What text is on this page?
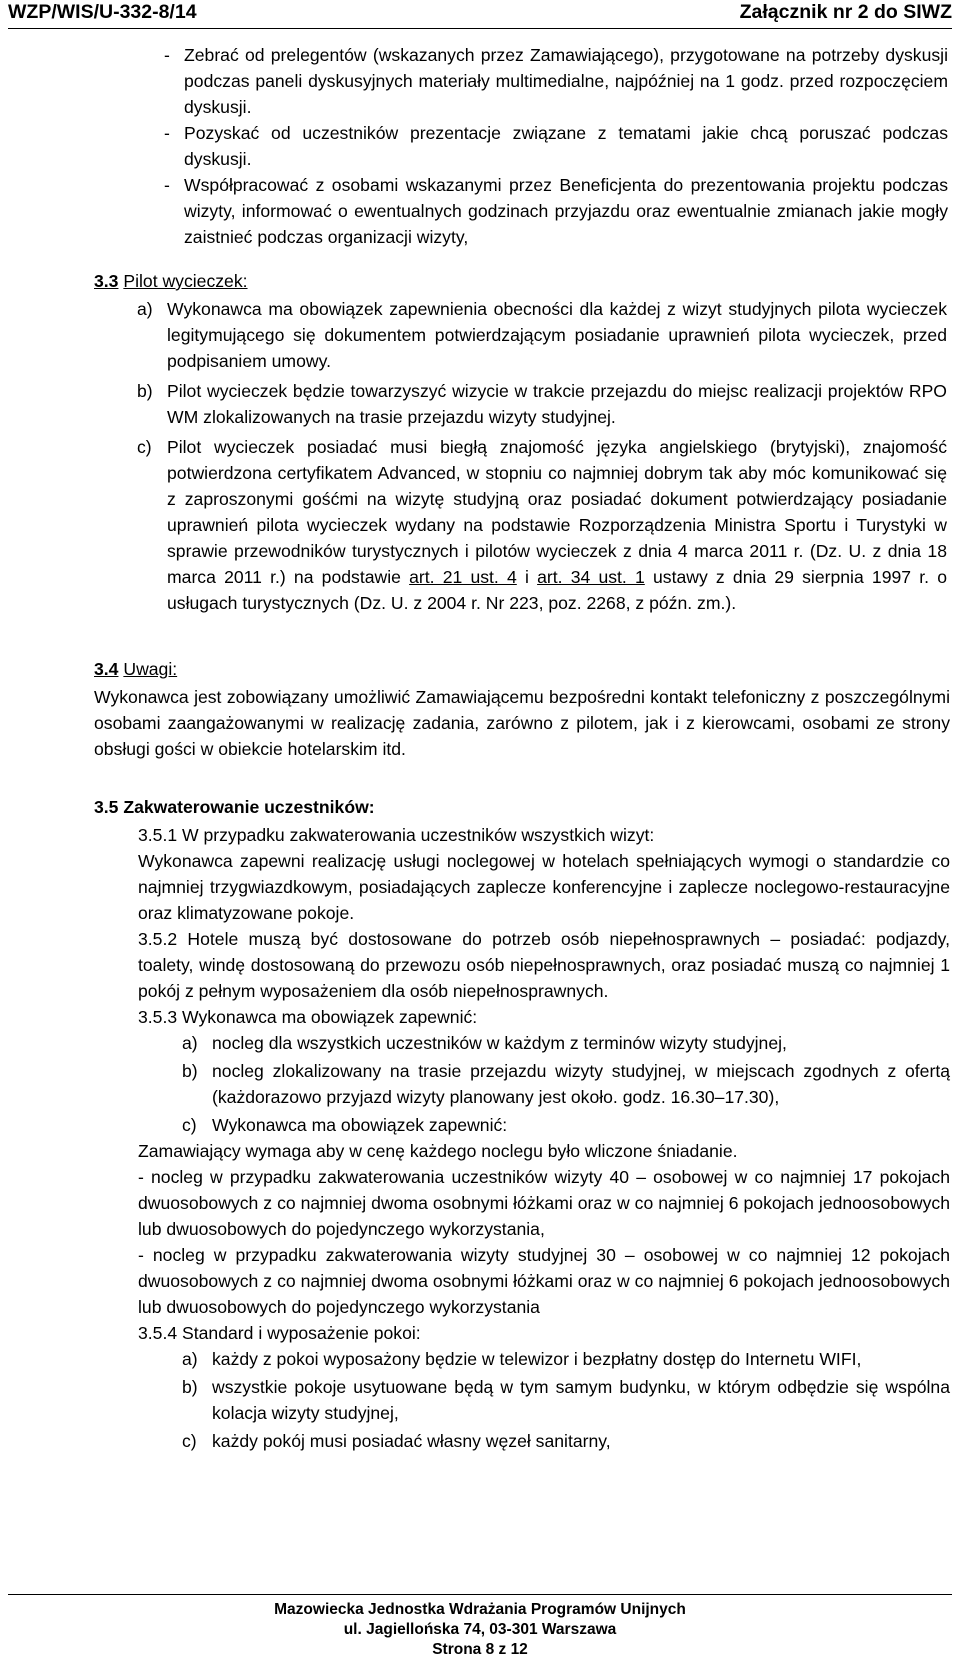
WZP/WIS/U-332-8/14	Załącznik nr 2 do SIWZ

- Zebrać od prelegentów (wskazanych przez Zamawiającego), przygotowane na potrzeby dyskusji podczas paneli dyskusyjnych materiały multimedialne, najpóźniej na 1 godz. przed rozpoczęciem dyskusji.

- Pozyskać od uczestników prezentacje związane z tematami jakie chcą poruszać podczas dyskusji.

- Współpracować z osobami wskazanymi przez Beneficjenta do prezentowania projektu podczas wizyty, informować o ewentualnych godzinach przyjazdu oraz ewentualnie zmianach jakie mogły zaistnieć podczas organizacji wizyty,

3.3 Pilot wycieczek:

a) Wykonawca ma obowiązek zapewnienia obecności dla każdej z wizyt studyjnych pilota wycieczek legitymującego się dokumentem potwierdzającym posiadanie uprawnień pilota wycieczek, przed podpisaniem umowy.

b) Pilot wycieczek będzie towarzyszyć wizycie w trakcie przejazdu do miejsc realizacji projektów RPO WM zlokalizowanych na trasie przejazdu wizyty studyjnej.

c) Pilot wycieczek posiadać musi biegłą znajomość języka angielskiego (brytyjski), znajomość potwierdzona certyfikatem Advanced, w stopniu co najmniej dobrym tak aby móc komunikować się z zaproszonymi gośćmi na wizytę studyjną oraz posiadać dokument potwierdzający posiadanie uprawnień pilota wycieczek wydany na podstawie Rozporządzenia Ministra Sportu i Turystyki w sprawie przewodników turystycznych i pilotów wycieczek z dnia 4 marca 2011 r. (Dz. U. z dnia 18 marca 2011 r.) na podstawie art. 21 ust. 4 i art. 34 ust. 1 ustawy z dnia 29 sierpnia 1997 r. o usługach turystycznych (Dz. U. z 2004 r. Nr 223, poz. 2268, z późn. zm.).

3.4 Uwagi:

Wykonawca jest zobowiązany umożliwić Zamawiającemu bezpośredni kontakt telefoniczny z poszczególnymi osobami zaangażowanymi w realizację zadania, zarówno z pilotem, jak i z kierowcami, osobami ze strony obsługi gości w obiekcie hotelarskim itd.

3.5 Zakwaterowanie uczestników:

3.5.1 W przypadku zakwaterowania uczestników wszystkich wizyt:

Wykonawca zapewni realizację usługi noclegowej w hotelach spełniających wymogi o standardzie co najmniej trzygwiazdkowym, posiadających zaplecze konferencyjne i zaplecze noclegowo-restauracyjne oraz klimatyzowane pokoje.

3.5.2 Hotele muszą być dostosowane do potrzeb osób niepełnosprawnych – posiadać: podjazdy, toalety, windę dostosowaną do przewozu osób niepełnosprawnych, oraz posiadać muszą co najmniej 1 pokój z pełnym wyposażeniem dla osób niepełnosprawnych.

3.5.3 Wykonawca ma obowiązek zapewnić:

a) nocleg dla wszystkich uczestników w każdym z terminów wizyty studyjnej,

b) nocleg zlokalizowany na trasie przejazdu wizyty studyjnej, w miejscach zgodnych z ofertą (każdorazowo przyjazd wizyty planowany jest około. godz. 16.30–17.30),

c) Wykonawca ma obowiązek zapewnić:

Zamawiający wymaga aby w cenę każdego noclegu było wliczone śniadanie.

- nocleg w przypadku zakwaterowania uczestników wizyty 40 – osobowej w co najmniej 17 pokojach dwuosobowych z co najmniej dwoma osobnymi łóżkami oraz w co najmniej 6 pokojach jednoosobowych lub dwuosobowych do pojedynczego wykorzystania,

- nocleg w przypadku zakwaterowania wizyty studyjnej 30 – osobowej w co najmniej 12 pokojach dwuosobowych z co najmniej dwoma osobnymi łóżkami oraz w co najmniej 6 pokojach jednoosobowych lub dwuosobowych do pojedynczego wykorzystania

3.5.4 Standard i wyposażenie pokoi:

a) każdy z pokoi wyposażony będzie w telewizor i bezpłatny dostęp do Internetu WIFI,

b) wszystkie pokoje usytuowane będą w tym samym budynku, w którym odbędzie się wspólna kolacja wizyty studyjnej,

c) każdy pokój musi posiadać własny węzeł sanitarny,

Mazowiecka Jednostka Wdrażania Programów Unijnych
ul. Jagiellońska 74, 03-301 Warszawa
Strona 8 z 12
